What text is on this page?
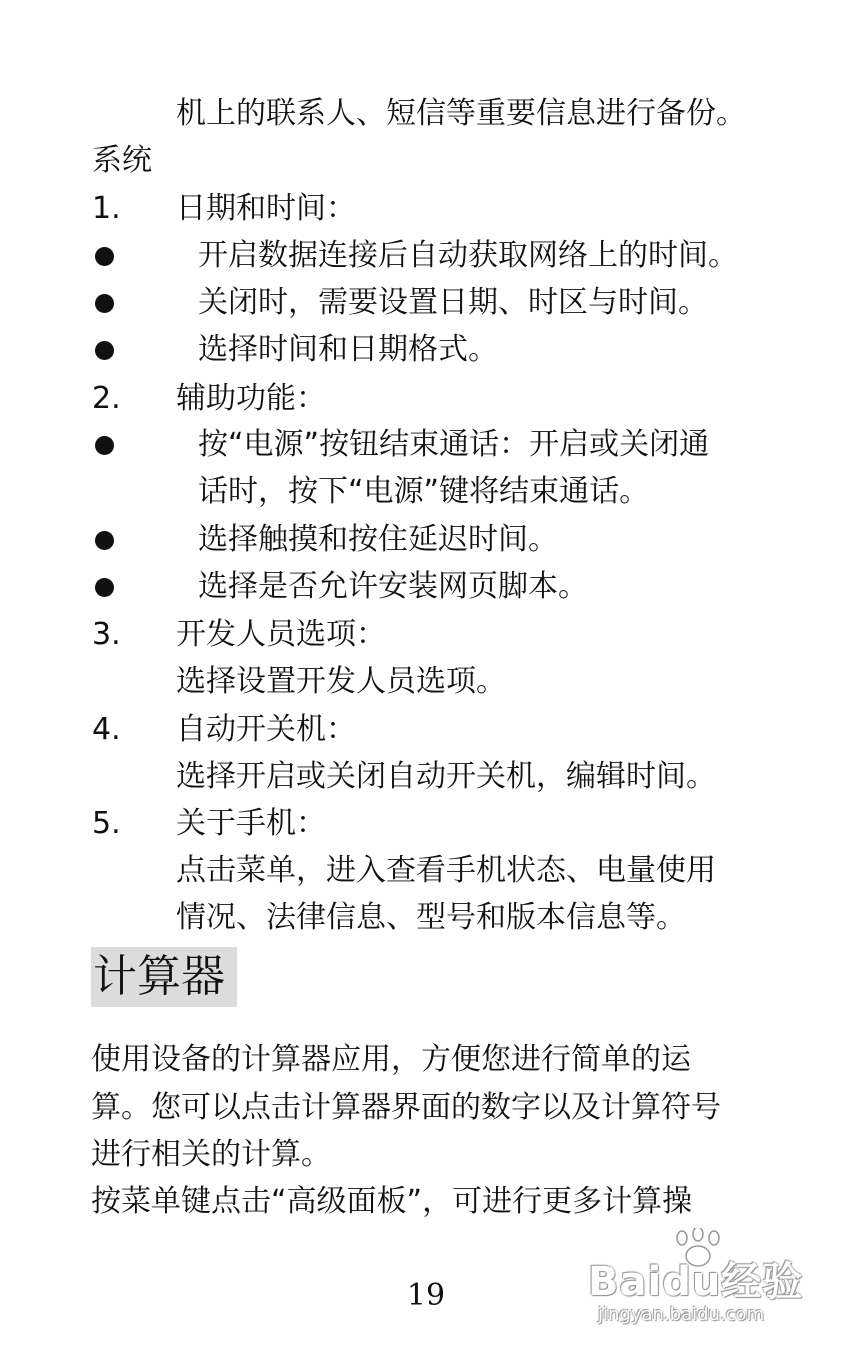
机上的联系人、短信等重要信息进行备份。
系统
1. 日期和时间：
开启数据连接后自动获取网络上的时间。
关闭时，需要设置日期、时区与时间。
选择时间和日期格式。
2. 辅助功能：
按“电源”按钮结束通话：开启或关闭通
话时，按下“电源”键将结束通话。
选择触摸和按住延迟时间。
选择是否允许安装网页脚本。
3. 开发人员选项：
选择设置开发人员选项。
4. 自动开关机：
选择开启或关闭自动开关机，编辑时间。
5. 关于手机：
点击菜单，进入查看手机状态、电量使用
情况、法律信息、型号和版本信息等。
计算器
使用设备的计算器应用，方便您进行简单的运
算。您可以点击计算器界面的数字以及计算符号
进行相关的计算。
按菜单键点击“高级面板”，可进行更多计算操
19	Baidu经验
jingyan.baidu.com
